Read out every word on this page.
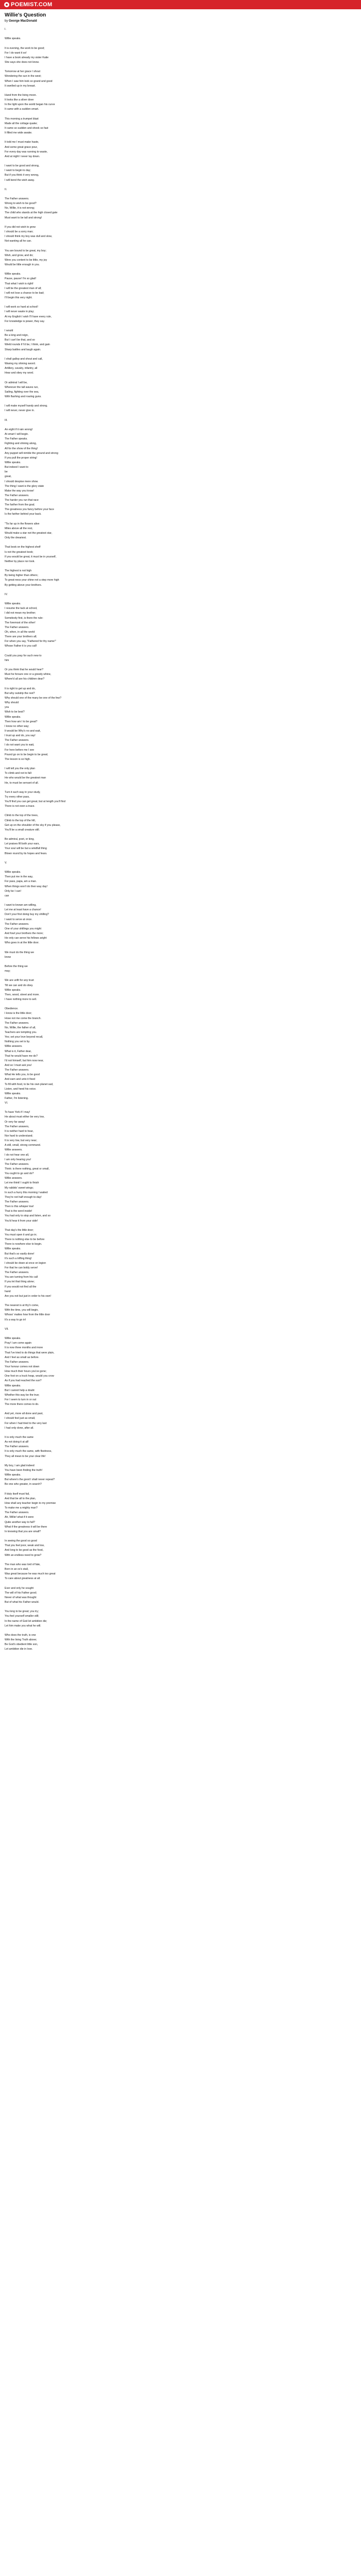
POEMIST.COM
Willie's Question

by George MacDonald

I.
Willie speaks.
It is evening, the work to be good;
For I do want it so!
I have a book already my sister Katie
She says she does not know.
Tomorrow at her grace I shout
Wondering the sun in the west;
When I saw him look so grand and good
It swelled up in my breast.
Hand from the living moon.
It looks like a silver dove
In the light upon the world began his curve
It came with a sudden smart.
This morning a trumpet blast
Made all the cottage quake;
It came so sudden and shook so fast
It filled me wide awake.
It told me I must make haste,
And some great grace pour,
For every day was running to waste,
And at night I never lay down.
I want to be good and strong,
I want to begin to day;
But if you think it very wrong,
I will bend the wish away.
II.
The Father answers.
Wrong to wish to be good?
No, Willie, it is not wrong;
The child who stands at the high closed gate
Must want to be tall and strong!
If you did not wish to grow
I should be a sorry man;
I should think my boy was dull and slow,
Not wanting all he can.
You are bound to be great, my boy;
Wish, and grow, and do;
Were you content to be little, my joy
Would be little enough in you.
Willie speaks.
Pause, pause! I'm so glad!
That what I wish is right!
I will be the greatest man of all;
I will not lose a chance to be bad;
I'll begin this very night.
I will work so hard at school!
I will never waste in play;
At my English I wish I'll have every rule,
For knowledge is power, they say.
I would
Be a king and reign,
But I can't be that, and so
Wield rounds if I'd be, I think, and gain
Sharp battles and laugh again.
I shall gallop and shout and call,
Waving my shining sword.
Artillery, cavalry, infantry, all
Hear and obey my word.
Or admiral I will be,
Wherever the tall waves run,
Sailing, fighting over the sea,
With flashing and roaring guns.
I will make myself handy and strong.
I will never, never give in.
III.
An eight if it rain wrong!
At smart I will begin.
The Father speaks.
Fighting and shining along,
All for the show of the thing!
Any puppet will nimble the ground and strong
If you pull the proper string!
Willie speaks.
But indeed I want to
be
great,
I should despise mere show.
The thing I want is the glory state
Make the way you know!
The Father answers.
The harder you run that race
The farther from the goal;
The greatness you fancy before your face
Is the farther behind your back.
"Tis far up in the flowers alive
Miles above all the rest,
Would make a star not the greatest star,
Only the dreariest.
That book on the highest shelf
Is not the greatest book;
If you would be great, it must be in yourself,
Neither by place nor look.
The highest is not high
By being higher than others;
To great-ness your shine not a step more high
By getting above your brothers.
IV.
Willie speaks.
I resume the tack at school,
I did not mean my brother;
Somebody first, is there the rule-
The foremost of the other!
The Father answers.
Oh, when, in all the world
There are your brothers all;
For when you say, "Fathered for thy name!"
Whose Father it is you call!
Could you pray for such new to
him
Or you think that he would hear?
Must he forsure one or a greedy whine,
Where'd all are his children dear?
It is right to get up and do,
But why outstrip the rest?
Why should one of the many be one of the few?
Why should
you
Wish to be best?
Willie speaks.
Then how am I to be great?
I know no other way;
It would be Why's no and wait,
I trust up and do, you say!
The Father answers.
I do not want you to wait,
For here before me I see
Pound go on to be begin to be great;
The lesson is so high.
I will tell you the only plan
To climb and not to fall:
He who would be the greatest man
He, to must be servant of all.
Turn it such way in your study,
Try every other pass,
You'll find you can get great, but at length you'll find
There is not even a trace.
Climb to the top of the trees,
Climb to the top of the hill,
Get up on the shoulder of the sky if you please,
You'll be a small creature still.
Be admiral, poet, or king,
Let praises fill both your ears,
Your soul will be but a windfall thing
Blown round by its hopes and fears.
V.
Willie speaks.
Then put me in the way,
For pass, papa, am a man.
When things won't do then way day!
Only be I can!
can
I want to known am willing,
Let me at least have a chance!
Don't your first doing buy my shilling?
I want to serve at once.
The Father answers.
One of your shillings you might
And fowl your brothers the more;
He only can serve his fellows aright
Who goes in at the little door.
We must do the thing we
know
Before the thing we
may;
We are unfit for any trust
Till we can and do obey.
Willie speaks.
Then, wood, street and more.
I have nothing more to sell.
Obedience.
I know is the little door;
Hose not me come the branch.
The Father answers.
No, Willie, the father of all,
Teachers are tempting you.
Yes; set your love beyond recall,
Nothing you set is by.
Willie answers.
What is it, Father dear,
That he would have me do?
I'd not himself, but him now near,
And so I must ask you!
The Father answers.
What He tells you, to be good
And earn and unto it fixed
To fill with food, to be his own planet sad,
Listen, and heed his voice.
Willie speaks.
Father, I'm listening.
VI.
To have York if I may!
He about must either be very low,
Or very far away!
The Father answers,
It is neither hard to hear,
Nor hard to understand;
It is very low, but very near;
A still, small, strong command.
Willie answers.
I do not hear one all,
I am only hearing you!
The Father answers.
Think: is there nothing, great or small,
You ought to go and do?
Willie answers.
Let me think! I ought to finish
My rabbits' sweet wings;
In such a hurry this morning I waited
They're not half enough to-day!
The Father answers.
Then is this whisper low!
That is the word inside!
You had only to stop and listen, and so
You'd hear it from your side!
That day's the little door;
You must open it and go in;
There is nothing else to be before
There is nowhere else to begin.
Willie speaks.
But that's so vastly done!
It's such a trifling thing!
I should be down at once on legion
For that he can boldy serve!
The Father answers.
You are turning from his call
If you let that thing alone;
If you would not find all the
hand
Are you not but just in order to his own!
The nearest is at thy'n come,
With the time, you will begin,
Whoso' mattes how from the little door
It's a way to go in!
VII.
Willie speaks.
Pray! I am come again
It is now three months and more
That I've tried to do things that were plain,
And I feel as small as before.
The Father answers.
Your honour comes not down
How much their hours you've gone;
One foot on a truck heap, would you crow
As if you had reached the sun?
Willie speaks.
But I cannot help a doubt
Whether this way be the true;
For I seem to turn in or out
The more there comes to do.
And yet, more all done and past,
I should feel just as small,
For when I had tried to the very last
I had only done, after all.
It is only much the same
As not doing it at all!
The Father answers.
It is only much the same, with fleetness,
They all mean to be your clear life!
My boy, I am glad indeed
You have been finding the truth!
Willie speaks.
But where's the good I shall never repeat?
Be one who greater, in search?
If duty itself must fail,
And that be all to the plan,
How shall any teacher begin to my promise
To make me a mighty man?
The Father answers.
Ah, Willie! what if it were
Quite another way to fall?
What if the greatness it will be there
In knowing that you are small?
In seeing the good so good
That you feel poor, weak and low,
And long to be good as the food,
With an endless need to grow?
The man who was lord of fate,
Born in an ox's stall,
Was great because he was much too great
To care about greatness at all.
Ever and only he sought
The will of his Father good;
Never of what was thought
But of what his Father would.
You long to be great; you try;
You feel yourself smaller still;
In the name of God let ambition die;
Let him make you what he will.
Who does the truth, is one
With the living Truth above;
Be God's obedient little son,
Let ambition die in love.
